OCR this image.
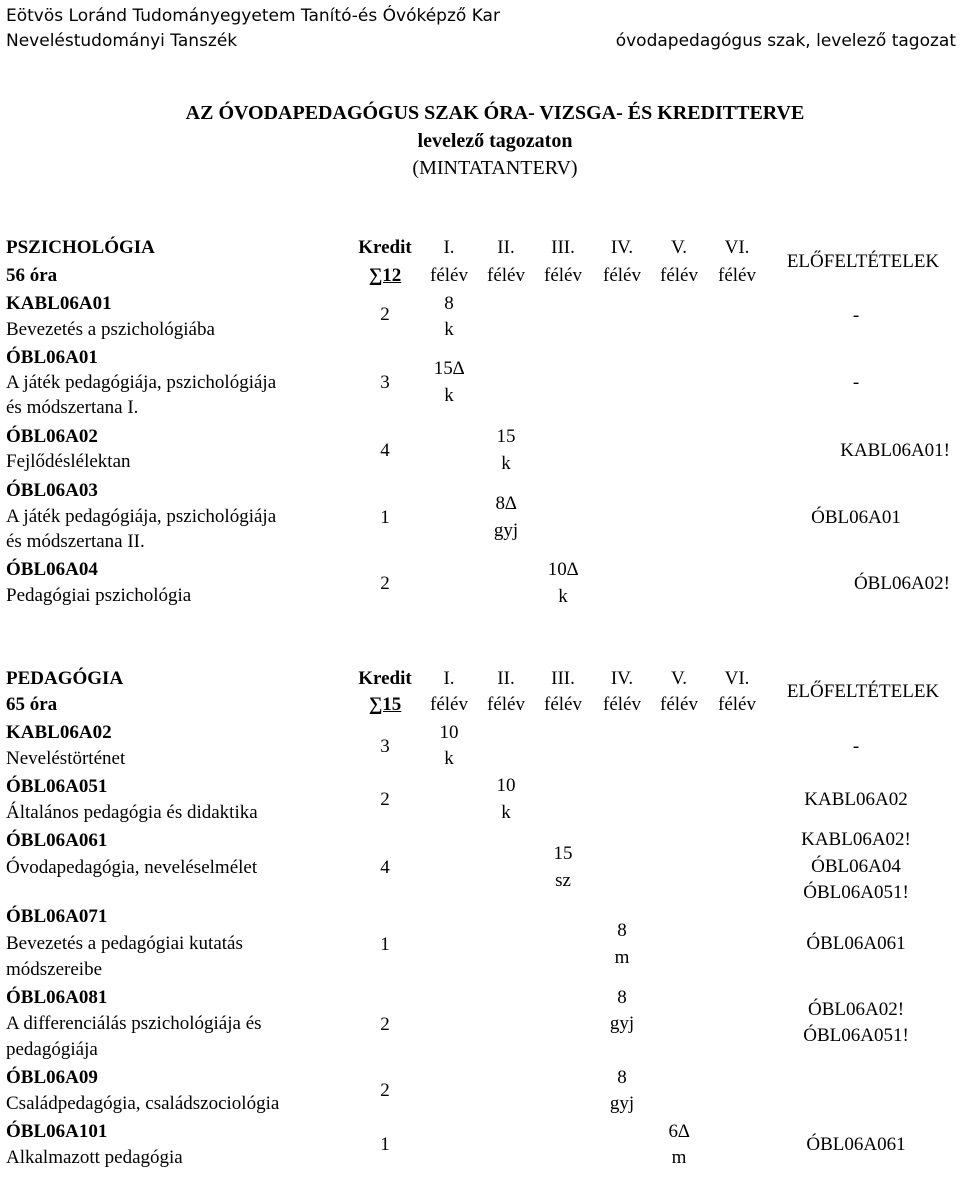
Eötvös Loránd Tudományegyetem Tanító-és Óvóképző Kar
Neveléstudományi Tanszék	óvodapedagógus szak, levelező tagozat
AZ ÓVODAPEDAGÓGUS SZAK ÓRA- VIZSGA- ÉS KREDITTERVE
levelező tagozaton
(MINTATANTERV)
PSZICHOLÓGIA
56 óra
Kredit
∑12
I.
félév
II.
félév
III.
félév
IV.
félév
V.
félév
VI.
félév
ELŐFELTÉTELEK
KABL06A01
Bevezetés a pszichológiába
2
8
k
-
ÓBL06A01
A játék pedagógiája, pszichológiája
és módszertana I.
3
15∆
k
-
ÓBL06A02
Fejlődéslélektan
4
15
k
KABL06A01!
ÓBL06A03
A játék pedagógiája, pszichológiája
és módszertana II.
1
8∆
gyj
ÓBL06A01
ÓBL06A04
Pedagógiai pszichológia
2
10∆
k
ÓBL06A02!
PEDAGÓGIA
65 óra
Kredit
∑15
I.
félév
II.
félév
III.
félév
IV.
félév
V.
félév
VI.
félév
ELŐFELTÉTELEK
KABL06A02
Neveléstörténet
3
10
k
-
ÓBL06A051
Általános pedagógia és didaktika
2
10
k
KABL06A02
ÓBL06A061
Óvodapedagógia, neveléselmélet	4
15
sz
KABL06A02!
ÓBL06A04
ÓBL06A051!
ÓBL06A071
Bevezetés a pedagógiai kutatás
módszereibe
1
8
m
ÓBL06A061
ÓBL06A081
A differenciálás pszichológiája és
pedagógiája
2
8
gyj
ÓBL06A02!
ÓBL06A051!
ÓBL06A09
Családpedagógia, családszociológia
2
8
gyj
ÓBL06A101
Alkalmazott pedagógia
1
6∆
m
ÓBL06A061
